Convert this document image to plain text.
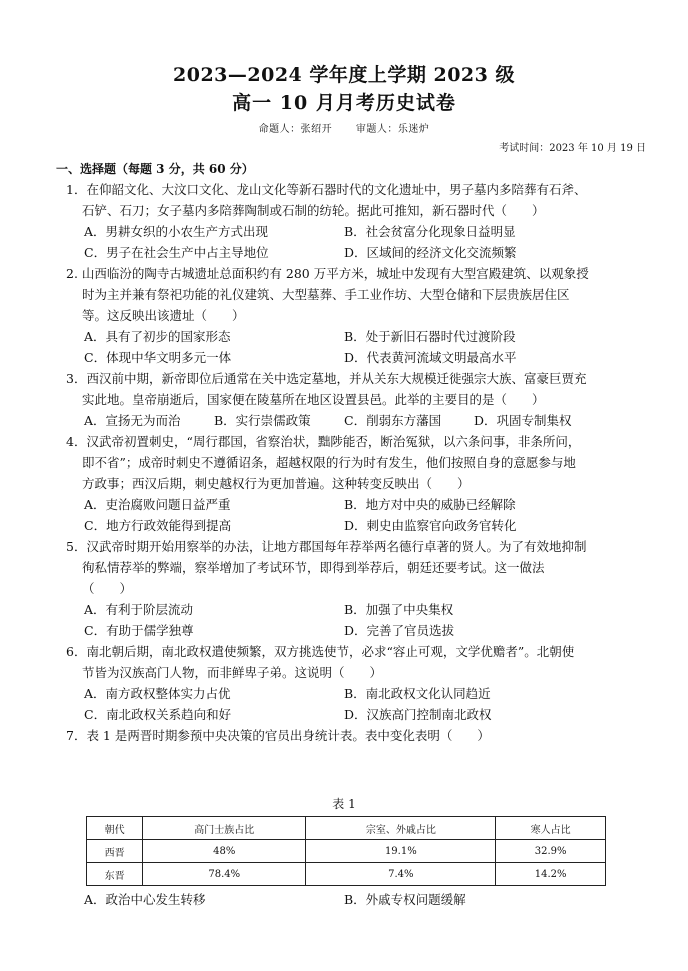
2023—2024 学年度上学期 2023 级
高一 10 月月考历史试卷
命题人：张绍开 审题人：乐迷炉
考试时间：2023 年 10 月 19 日
一、选择题（每题 3 分，共 60 分）

1．在仰韶文化、大汶口文化、龙山文化等新石器时代的文化遗址中，男子墓内多陪葬有石斧、

石铲、石刀；女子墓内多陪葬陶制或石制的纺轮。据此可推知，新石器时代（　　）

A．男耕女织的小农生产方式出现	B．社会贫富分化现象日益明显
C．男子在社会生产中占主导地位	D．区域间的经济文化交流频繁

2. 山西临汾的陶寺古城遗址总面积约有 280 万平方米，城址中发现有大型宫殿建筑、以观象授

时为主并兼有祭祀功能的礼仪建筑、大型墓葬、手工业作坊、大型仓储和下层贵族居住区

等。这反映出该遗址（　　）

A．具有了初步的国家形态	B．处于新旧石器时代过渡阶段
C．体现中华文明多元一体	D．代表黄河流域文明最高水平

3．西汉前中期，新帝即位后通常在关中选定墓地，并从关东大规模迁徙强宗大族、富豪巨贾充

实此地。皇帝崩逝后，国家便在陵墓所在地区设置县邑。此举的主要目的是（　　）

A．宣扬无为而治	B．实行崇儒政策	C．削弱东方藩国	D．巩固专制集权

4．汉武帝初置刺史，“周行郡国，省察治状，黜陟能否，断治冤狱，以六条问事，非条所问，

即不省”；成帝时刺史不遵循诏条，超越权限的行为时有发生，他们按照自身的意愿参与地

方政事；西汉后期，刺史越权行为更加普遍。这种转变反映出（　　）

A．吏治腐败问题日益严重	B．地方对中央的威胁已经解除
C．地方行政效能得到提高	D．刺史由监察官向政务官转化

5．汉武帝时期开始用察举的办法，让地方郡国每年荐举两名德行卓著的贤人。为了有效地抑制

徇私情荐举的弊端，察举增加了考试环节，即得到举荐后，朝廷还要考试。这一做法

（　　）

A．有利于阶层流动	B．加强了中央集权
C．有助于儒学独尊	D．完善了官员选拔

6．南北朝后期，南北政权遣使频繁，双方挑选使节，必求“容止可观，文学优赡者”。北朝使

节皆为汉族高门人物，而非鲜卑子弟。这说明（　　）

A．南方政权整体实力占优	B．南北政权文化认同趋近
C．南北政权关系趋向和好	D．汉族高门控制南北政权

7．表 1 是两晋时期参预中央决策的官员出身统计表。表中变化表明（　　）

表 1
朝代	高门士族占比	宗室、外戚占比	寒人占比
西晋	48%	19.1%	32.9%
东晋	78.4%	7.4%	14.2%
A．政治中心发生转移	B．外戚专权问题缓解
